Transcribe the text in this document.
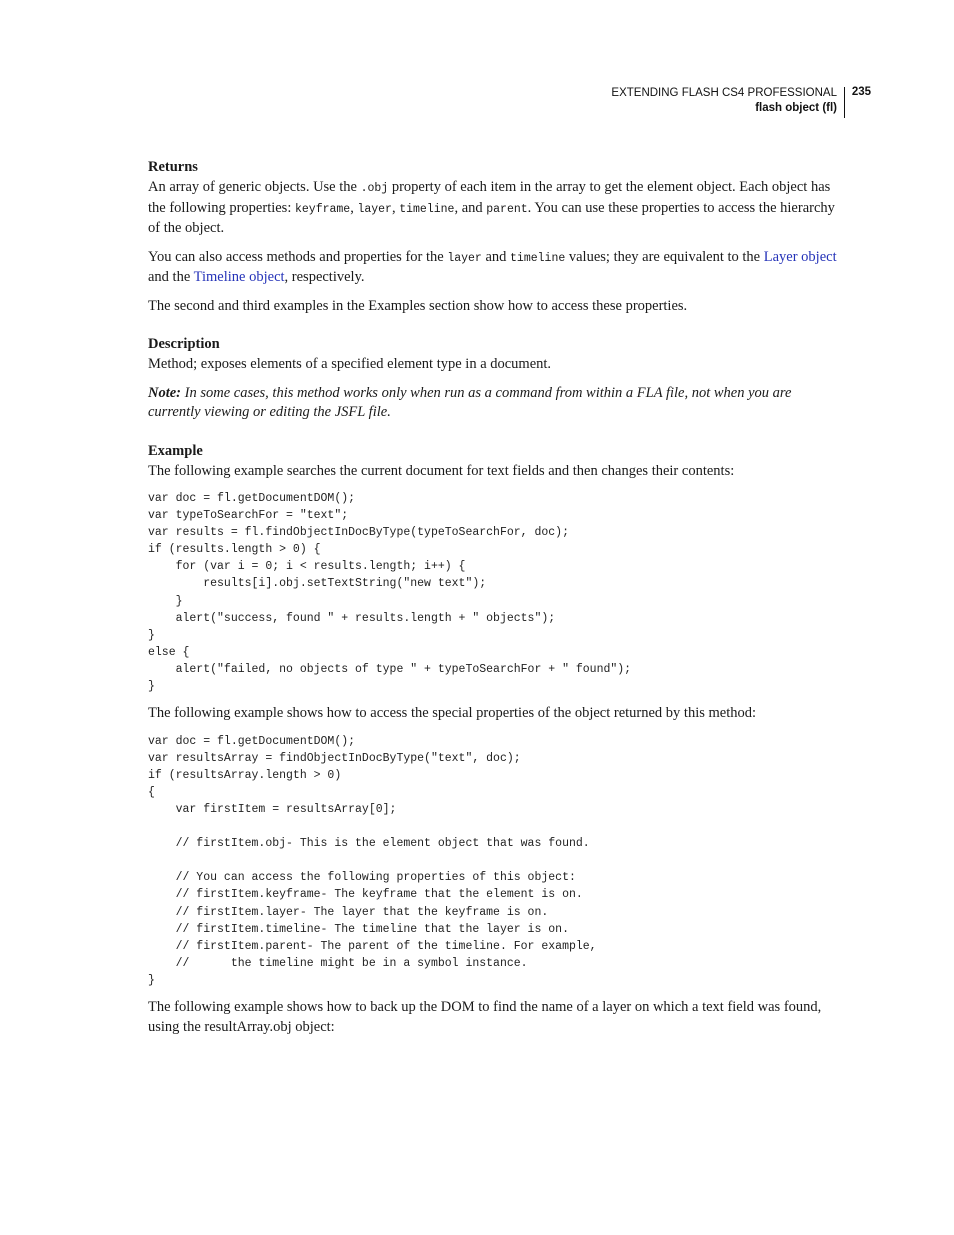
EXTENDING FLASH CS4 PROFESSIONAL
flash object (fl)
235
Returns

An array of generic objects. Use the .obj property of each item in the array to get the element object. Each object has the following properties: keyframe, layer, timeline, and parent. You can use these properties to access the hierarchy of the object.

You can also access methods and properties for the layer and timeline values; they are equivalent to the Layer object and the Timeline object, respectively.

The second and third examples in the Examples section show how to access these properties.

Description

Method; exposes elements of a specified element type in a document.

Note: In some cases, this method works only when run as a command from within a FLA file, not when you are currently viewing or editing the JSFL file.

Example

The following example searches the current document for text fields and then changes their contents:

var doc = fl.getDocumentDOM();
var typeToSearchFor = "text";
var results = fl.findObjectInDocByType(typeToSearchFor, doc);
if (results.length > 0) {
for (var i = 0; i < results.length; i++) {
results[i].obj.setTextString("new text");
}
alert("success, found " + results.length + " objects");
}
else {
alert("failed, no objects of type " + typeToSearchFor + " found");
}

The following example shows how to access the special properties of the object returned by this method:

var doc = fl.getDocumentDOM();
var resultsArray = findObjectInDocByType("text", doc);
if (resultsArray.length > 0)
{
var firstItem = resultsArray[0];

// firstItem.obj- This is the element object that was found.

// You can access the following properties of this object:
// firstItem.keyframe- The keyframe that the element is on.
// firstItem.layer- The layer that the keyframe is on.
// firstItem.timeline- The timeline that the layer is on.
// firstItem.parent- The parent of the timeline. For example,
//      the timeline might be in a symbol instance.
}

The following example shows how to back up the DOM to find the name of a layer on which a text field was found, using the resultArray.obj object:
